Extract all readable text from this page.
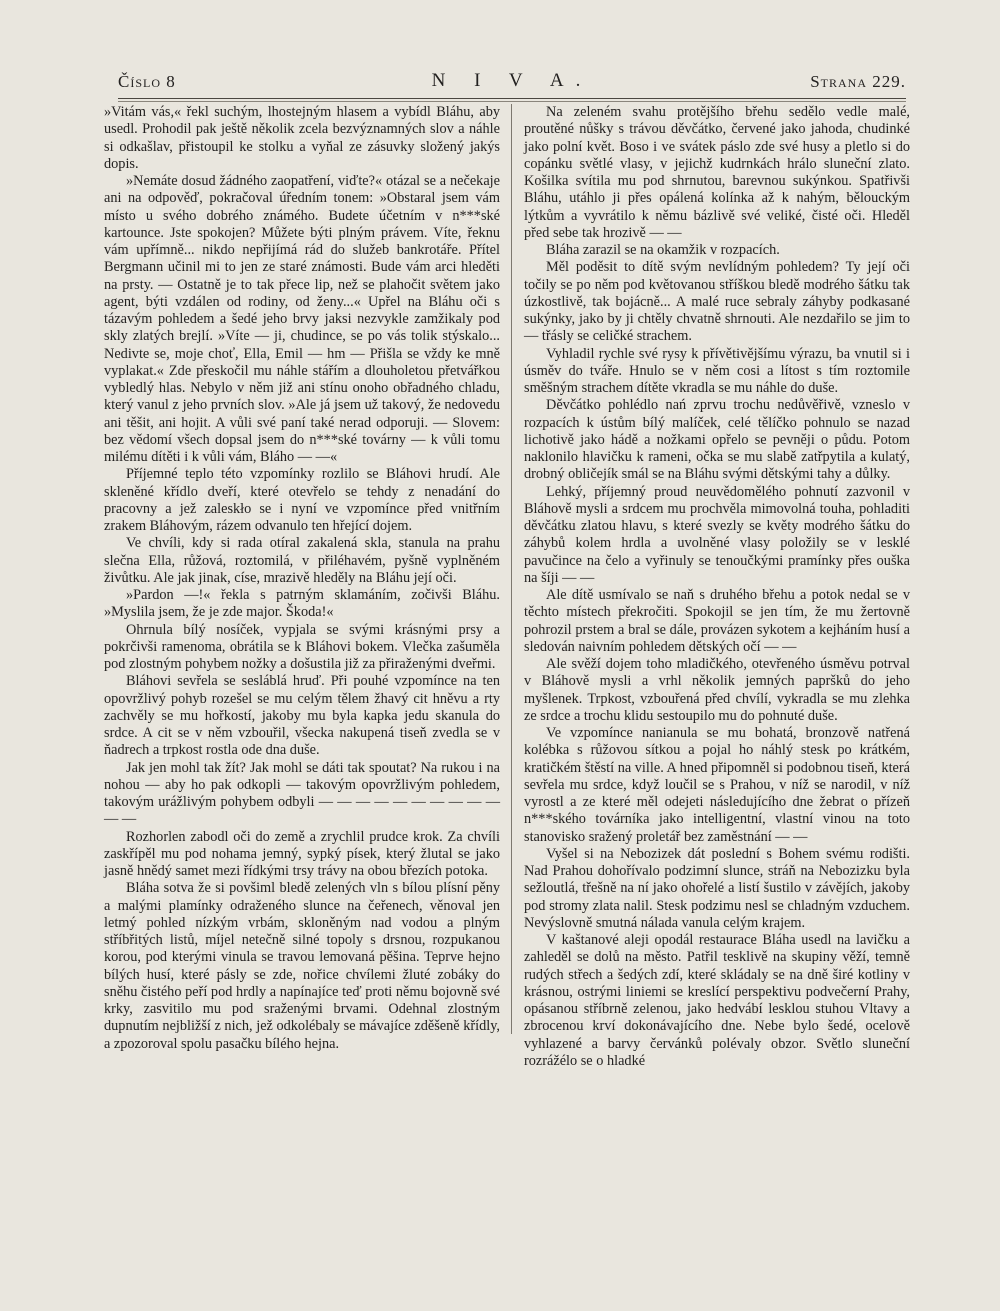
Číslo 8	N I V A.	Strana 229.

»Vitám vás,« řekl suchým, lhostejným hlasem a vybídl Bláhu, aby usedl. Prohodil pak ještě několik zcela bezvýznamných slov a náhle si odkašlav, přistoupil ke stolku a vyňal ze zásuvky složený jakýs dopis.

»Nemáte dosud žádného zaopatření, viďte?« otázal se a nečekaje ani na odpověď, pokračoval úředním tonem: »Obstaral jsem vám místo u svého dobrého známého. Budete účetním v n***ské kartounce. Jste spokojen? Můžete býti plným právem. Víte, řeknu vám upřímně... nikdo nepřijímá rád do služeb bankrotáře. Přítel Bergmann učinil mi to jen ze staré známosti. Bude vám arci hleděti na prsty. — Ostatně je to tak přece lip, než se plahočit světem jako agent, býti vzdálen od rodiny, od ženy...« Upřel na Bláhu oči s tázavým pohledem a šedé jeho brvy jaksi nezvykle zamžikaly pod skly zlatých brejlí. »Víte — ji, chudince, se po vás tolik stýskalo... Nedivte se, moje choť, Ella, Emil — hm — Přišla se vždy ke mně vyplakat.« Zde přeskočil mu náhle stářím a dlouholetou přetvářkou vybledlý hlas. Nebylo v něm již ani stínu onoho obřadného chladu, který vanul z jeho prvních slov. »Ale já jsem už takový, že nedovedu ani těšit, ani hojit. A vůli své paní také nerad odporuji. — Slovem: bez vědomí všech dopsal jsem do n***ské továrny — k vůli tomu milému dítěti i k vůli vám, Bláho — —«

Příjemné teplo této vzpomínky rozlilo se Bláhovi hrudí. Ale skleněné křídlo dveří, které otevřelo se tehdy z nenadání do pracovny a jež zaleskło se i nyní ve vzpomínce před vnitřním zrakem Bláhovým, rázem odvanulo ten hřející dojem.

Ve chvíli, kdy si rada otíral zakalená skla, stanula na prahu slečna Ella, růžová, roztomilá, v přiléhavém, pyšně vyplněném živůtku. Ale jak jinak, císe, mrazivě hleděly na Bláhu její oči.

»Pardon —!« řekla s patrným sklamáním, zočivši Bláhu. »Myslila jsem, že je zde major. Škoda!«

Ohrnula bílý nosíček, vypjala se svými krásnými prsy a pokrčivši ramenoma, obrátila se k Bláhovi bokem. Vlečka zašuměla pod zlostným pohybem nožky a došustila již za přiraženými dveřmi.

Bláhovi sevřela se sesláblá hruď. Při pouhé vzpomínce na ten opovržlivý pohyb rozešel se mu celým tělem žhavý cit hněvu a rty zachvěly se mu hořkostí, jakoby mu byla kapka jedu skanula do srdce. A cit se v něm vzbouřil, všecka nakupená tiseň zvedla se v ňadrech a trpkost rostla ode dna duše.

Jak jen mohl tak žít? Jak mohl se dáti tak spoutat? Na rukou i na nohou — aby ho pak odkopli — takovým opovržlivým pohledem, takovým urážlivým pohybem odbyli — — — — — — — — — — — —

Rozhorlen zabodl oči do země a zrychlil prudce krok. Za chvíli zaskřípěl mu pod nohama jemný, sypký písek, který žlutal se jako jasně hnědý samet mezi řídkými trsy trávy na obou březích potoka.

Bláha sotva že si povšiml bledě zelených vln s bílou plísní pěny a malými plamínky odraženého slunce na čeřenech, věnoval jen letmý pohled nízkým vrbám, skloněným nad vodou a plným stříbřitých listů, míjel netečně silné topoly s drsnou, rozpukanou korou, pod kterými vinula se travou lemovaná pěšina. Teprve hejno bílých husí, které pásly se zde, nořice chvílemi žluté zobáky do sněhu čistého peří pod hrdly a napínajíce teď proti němu bojovně své krky, zasvitilo mu pod sraženými brvami. Odehnal zlostným dupnutím nejbližší z nich, jež odkolébaly se mávajíce zděšeně křídly, a zpozoroval spolu pasačku bílého hejna.

Na zeleném svahu protějšího břehu sedělo vedle malé, proutěné nůšky s trávou děvčátko, červené jako jahoda, chudinké jako polní květ. Boso i ve svátek páslo zde své husy a pletlo si do copánku světlé vlasy, v jejichž kudrnkách hrálo sluneční zlato. Košilka svítila mu pod shrnutou, barevnou sukýnkou. Spatřivši Bláhu, utáhlo ji přes opálená kolínka až k nahým, bělouckým lýtkům a vyvrátilo k němu bázlivě své veliké, čisté oči. Hleděl před sebe tak hrozivě — —

Bláha zarazil se na okamžik v rozpacích.

Měl poděsit to dítě svým nevlídným pohledem? Ty její oči točily se po něm pod květovanou stříškou bledě modrého šátku tak úzkostlivě, tak bojácně... A malé ruce sebraly záhyby podkasané sukýnky, jako by ji chtěly chvatně shrnouti. Ale nezdařilo se jim to — třásly se celičké strachem.

Vyhladil rychle své rysy k přívětivějšímu výrazu, ba vnutil si i úsměv do tváře. Hnulo se v něm cosi a lítost s tím roztomile směšným strachem dítěte vkradla se mu náhle do duše.

Děvčátko pohlédlo nań zprvu trochu nedůvěřivě, vzneslo v rozpacích k ústům bílý malíček, celé tělíčko pohnulo se nazad lichotivě jako hádě a nožkami opřelo se pevněji o půdu. Potom naklonilo hlavičku k rameni, očka se mu slabě zatřpytila a kulatý, drobný obličejík smál se na Bláhu svými dětskými tahy a důlky.

Lehký, příjemný proud neuvědomělého pohnutí zazvonil v Bláhově mysli a srdcem mu prochvěla mimovolná touha, pohladiti děvčátku zlatou hlavu, s které svezly se květy modrého šátku do záhybů kolem hrdla a uvolněné vlasy položily se v lesklé pavučince na čelo a vyřinuly se tenoučkými pramínky přes ouška na šíji — —

Ale dítě usmívalo se naň s druhého břehu a potok nedal se v těchto místech překročiti. Spokojil se jen tím, že mu žertovně pohrozil prstem a bral se dále, provázen sykotem a kejháním husí a sledován naivním pohledem dětských očí — —

Ale svěží dojem toho mladičkého, otevřeného úsměvu potrval v Bláhově mysli a vrhl několik jemných papršků do jeho myšlenek. Trpkost, vzbouřená před chvílí, vykradla se mu zlehka ze srdce a trochu klidu sestoupilo mu do pohnuté duše.

Ve vzpomínce nanianula se mu bohatá, bronzově natřená kolébka s růžovou sítkou a pojal ho náhlý stesk po krátkém, kratičkém štěstí na ville. A hned připomněl si podobnou tiseň, která sevřela mu srdce, když loučil se s Prahou, v níž se narodil, v níž vyrostl a ze které měl odejeti následujícího dne žebrat o přízeň n***ského továrníka jako intelligentní, vlastní vinou na toto stanovisko sražený proletář bez zaměstnání — —

Vyšel si na Nebozizek dát poslední s Bohem svému rodišti. Nad Prahou dohořívalo podzimní slunce, stráň na Nebozizku byla sežloutlá, třešně na ní jako ohořelé a listí šustilo v závějích, jakoby pod stromy zlata nalil. Stesk podzimu nesl se chladným vzduchem. Nevýslovně smutná nálada vanula celým krajem.

V kaštanové aleji opodál restaurace Bláha usedl na lavičku a zahleděl se dolů na město. Patřil tesklivě na skupiny věží, temně rudých střech a šedých zdí, které skládaly se na dně širé kotliny v krásnou, ostrými liniemi se kreslící perspektivu podvečerní Prahy, opásanou stříbrně zelenou, jako hedvábí lesklou stuhou Vltavy a zbrocenou krví dokonávajícího dne. Nebe bylo šedé, ocelově vyhlazené a barvy červánků polévaly obzor. Světlo sluneční rozrážélo se o hladké
